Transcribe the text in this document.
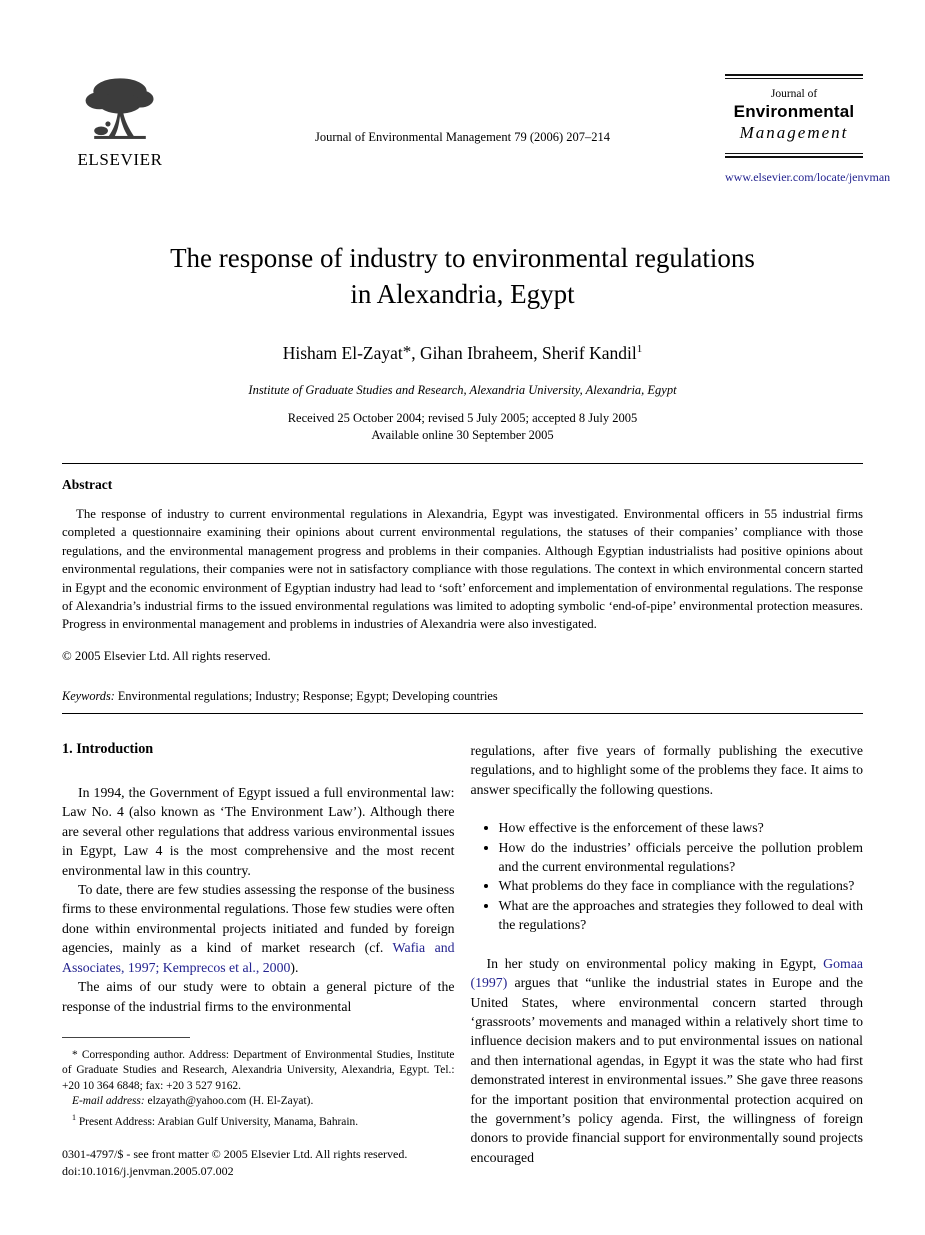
ELSEVIER
Journal of Environmental Management 79 (2006) 207–214
Journal of
Environmental
Management
www.elsevier.com/locate/jenvman
The response of industry to environmental regulations
in Alexandria, Egypt
Hisham El-Zayat*, Gihan Ibraheem, Sherif Kandil$^1$
Institute of Graduate Studies and Research, Alexandria University, Alexandria, Egypt
Received 25 October 2004; revised 5 July 2005; accepted 8 July 2005
Available online 30 September 2005
Abstract

The response of industry to current environmental regulations in Alexandria, Egypt was investigated. Environmental officers in 55 industrial firms completed a questionnaire examining their opinions about current environmental regulations, the statuses of their companies’ compliance with those regulations, and the environmental management progress and problems in their companies. Although Egyptian industrialists had positive opinions about environmental regulations, their companies were not in satisfactory compliance with those regulations. The context in which environmental concern started in Egypt and the economic environment of Egyptian industry had lead to ‘soft’ enforcement and implementation of environmental regulations. The response of Alexandria’s industrial firms to the issued environmental regulations was limited to adopting symbolic ‘end-of-pipe’ environmental protection measures. Progress in environmental management and problems in industries of Alexandria were also investigated.

© 2005 Elsevier Ltd. All rights reserved.
Keywords: Environmental regulations; Industry; Response; Egypt; Developing countries
1. Introduction

In 1994, the Government of Egypt issued a full environmental law: Law No. 4 (also known as ‘The Environment Law’). Although there are several other regulations that address various environmental issues in Egypt, Law 4 is the most comprehensive and the most recent environmental law in this country.

To date, there are few studies assessing the response of the business firms to these environmental regulations. Those few studies were often done within environmental projects initiated and funded by foreign agencies, mainly as a kind of market research (cf. Wafia and Associates, 1997; Kemprecos et al., 2000).

The aims of our study were to obtain a general picture of the response of the industrial firms to the environmental

* Corresponding author. Address: Department of Environmental Studies, Institute of Graduate Studies and Research, Alexandria University, Alexandria, Egypt. Tel.: +20 10 364 6848; fax: +20 3 527 9162.

E-mail address: elzayath@yahoo.com (H. El-Zayat).

$^1$ Present Address: Arabian Gulf University, Manama, Bahrain.

0301-4797/$ - see front matter © 2005 Elsevier Ltd. All rights reserved.
doi:10.1016/j.jenvman.2005.07.002

regulations, after five years of formally publishing the executive regulations, and to highlight some of the problems they face. It aims to answer specifically the following questions.

• How effective is the enforcement of these laws?
• How do the industries’ officials perceive the pollution problem and the current environmental regulations?
• What problems do they face in compliance with the regulations?
• What are the approaches and strategies they followed to deal with the regulations?

In her study on environmental policy making in Egypt, Gomaa (1997) argues that “unlike the industrial states in Europe and the United States, where environmental concern started through ‘grassroots’ movements and managed within a relatively short time to influence decision makers and to put environmental issues on national and then international agendas, in Egypt it was the state who had first demonstrated interest in environmental issues.” She gave three reasons for the important position that environmental protection acquired on the government’s policy agenda. First, the willingness of foreign donors to provide financial support for environmentally sound projects encouraged
